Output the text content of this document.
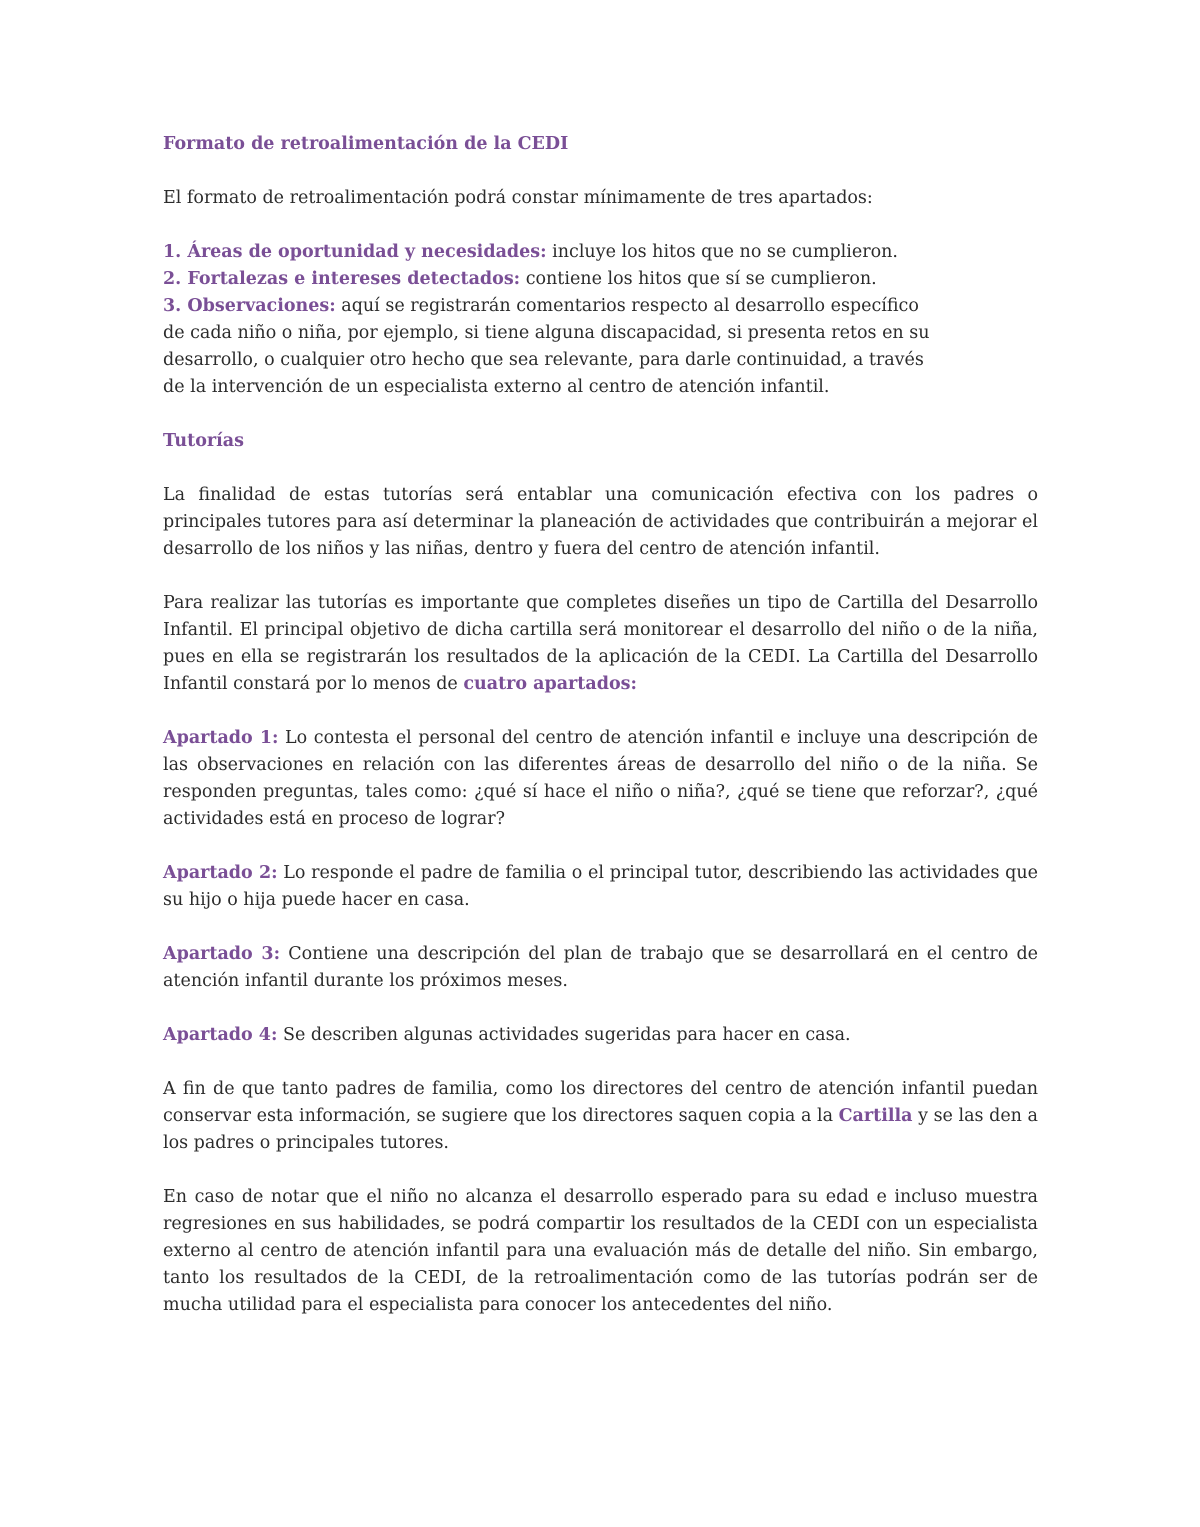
Formato de retroalimentación de la CEDI

El formato de retroalimentación podrá constar mínimamente de tres apartados:

1. Áreas de oportunidad y necesidades: incluye los hitos que no se cumplieron.

2. Fortalezas e intereses detectados: contiene los hitos que sí se cumplieron.

3. Observaciones: aquí se registrarán comentarios respecto al desarrollo específico de cada niño o niña, por ejemplo, si tiene alguna discapacidad, si presenta retos en su desarrollo, o cualquier otro hecho que sea relevante, para darle continuidad, a través de la intervención de un especialista externo al centro de atención infantil.

Tutorías

La finalidad de estas tutorías será entablar una comunicación efectiva con los padres o principales tutores para así determinar la planeación de actividades que contribuirán a mejorar el desarrollo de los niños y las niñas, dentro y fuera del centro de atención infantil.

Para realizar las tutorías es importante que completes diseñes un tipo de Cartilla del Desarrollo Infantil. El principal objetivo de dicha cartilla será monitorear el desarrollo del niño o de la niña, pues en ella se registrarán los resultados de la aplicación de la CEDI. La Cartilla del Desarrollo Infantil constará por lo menos de cuatro apartados:

Apartado 1: Lo contesta el personal del centro de atención infantil e incluye una descripción de las observaciones en relación con las diferentes áreas de desarrollo del niño o de la niña. Se responden preguntas, tales como: ¿qué sí hace el niño o niña?, ¿qué se tiene que reforzar?, ¿qué actividades está en proceso de lograr?

Apartado 2: Lo responde el padre de familia o el principal tutor, describiendo las actividades que su hijo o hija puede hacer en casa.

Apartado 3: Contiene una descripción del plan de trabajo que se desarrollará en el centro de atención infantil durante los próximos meses.

Apartado 4: Se describen algunas actividades sugeridas para hacer en casa.

A fin de que tanto padres de familia, como los directores del centro de atención infantil puedan conservar esta información, se sugiere que los directores saquen copia a la Cartilla y se las den a los padres o principales tutores.

En caso de notar que el niño no alcanza el desarrollo esperado para su edad e incluso muestra regresiones en sus habilidades, se podrá compartir los resultados de la CEDI con un especialista externo al centro de atención infantil para una evaluación más de detalle del niño. Sin embargo, tanto los resultados de la CEDI, de la retroalimentación como de las tutorías podrán ser de mucha utilidad para el especialista para conocer los antecedentes del niño.
